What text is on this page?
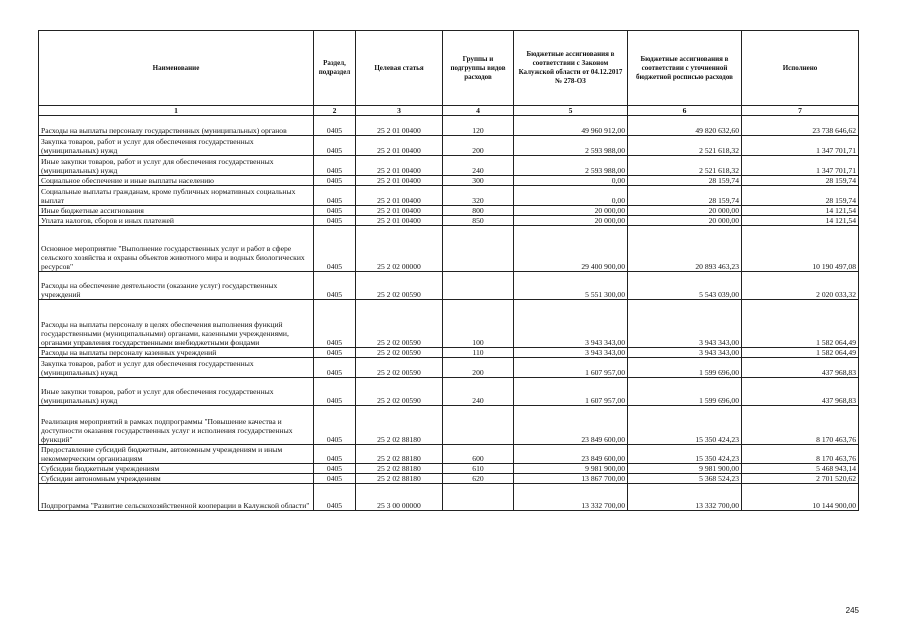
Наименование	Раздел, подраздел	Целевая статья	Группы и подгруппы видов расходов	Бюджетные ассигнования в соответствии с Законом Калужской области от 04.12.2017 № 278-ОЗ	Бюджетные ассигнования в соответствии с уточненной бюджетной росписью расходов	Исполнено
1	2	3	4	5	6	7
Расходы на выплаты персоналу государственных (муниципальных) органов	0405	25 2 01 00400	120	49 960 912,00	49 820 632,60	23 738 646,62
Закупка товаров, работ и услуг для обеспечения государственных (муниципальных) нужд	0405	25 2 01 00400	200	2 593 988,00	2 521 618,32	1 347 701,71
Иные закупки товаров, работ и услуг для обеспечения государственных (муниципальных) нужд	0405	25 2 01 00400	240	2 593 988,00	2 521 618,32	1 347 701,71
Социальное обеспечение и иные выплаты населению	0405	25 2 01 00400	300	0,00	28 159,74	28 159,74
Социальные выплаты гражданам, кроме публичных нормативных социальных выплат	0405	25 2 01 00400	320	0,00	28 159,74	28 159,74
Иные бюджетные ассигнования	0405	25 2 01 00400	800	20 000,00	20 000,00	14 121,54
Уплата налогов, сборов и иных платежей	0405	25 2 01 00400	850	20 000,00	20 000,00	14 121,54
Основное мероприятие "Выполнение государственных услуг и работ в сфере сельского хозяйства и охраны объектов животного мира и водных биологических ресурсов"	0405	25 2 02 00000		29 400 900,00	20 893 463,23	10 190 497,08
Расходы на обеспечение деятельности (оказание услуг) государственных учреждений	0405	25 2 02 00590		5 551 300,00	5 543 039,00	2 020 033,32
Расходы на выплаты персоналу в целях обеспечения выполнения функций государственными (муниципальными) органами, казенными учреждениями, органами управления государственными внебюджетными фондами	0405	25 2 02 00590	100	3 943 343,00	3 943 343,00	1 582 064,49
Расходы на выплаты персоналу казенных учреждений	0405	25 2 02 00590	110	3 943 343,00	3 943 343,00	1 582 064,49
Закупка товаров, работ и услуг для обеспечения государственных (муниципальных) нужд	0405	25 2 02 00590	200	1 607 957,00	1 599 696,00	437 968,83
Иные закупки товаров, работ и услуг для обеспечения государственных (муниципальных) нужд	0405	25 2 02 00590	240	1 607 957,00	1 599 696,00	437 968,83
Реализация мероприятий в рамках подпрограммы "Повышение качества и доступности оказания государственных услуг и исполнения государственных функций"	0405	25 2 02 88180		23 849 600,00	15 350 424,23	8 170 463,76
Предоставление субсидий бюджетным, автономным учреждениям и иным некоммерческим организациям	0405	25 2 02 88180	600	23 849 600,00	15 350 424,23	8 170 463,76
Субсидии бюджетным учреждениям	0405	25 2 02 88180	610	9 981 900,00	9 981 900,00	5 468 943,14
Субсидии автономным учреждениям	0405	25 2 02 88180	620	13 867 700,00	5 368 524,23	2 701 520,62
Подпрограмма "Развитие сельскохозяйственной кооперации в Калужской области"	0405	25 3 00 00000		13 332 700,00	13 332 700,00	10 144 900,00
245
